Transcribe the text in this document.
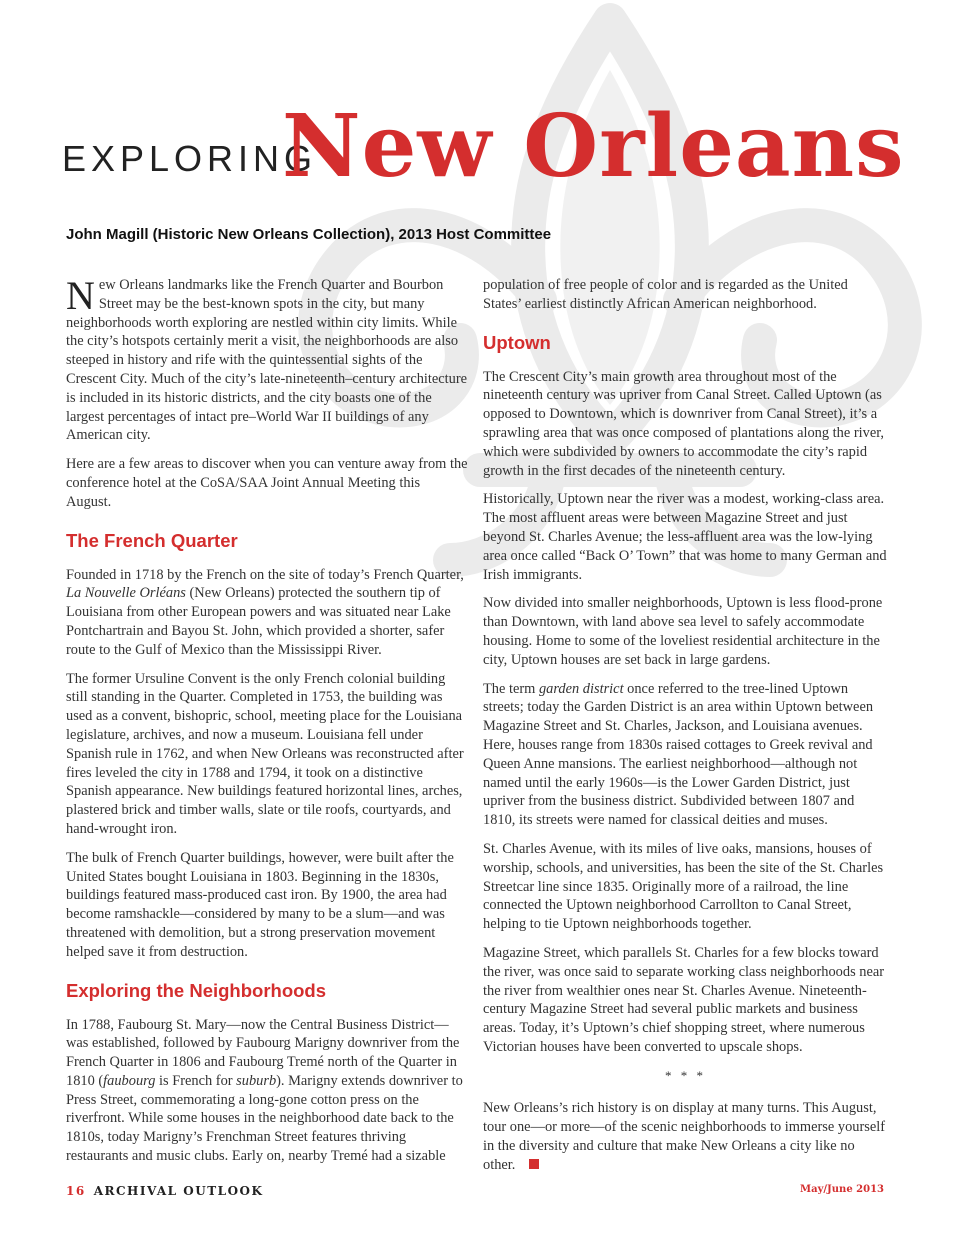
EXPLORING
New Orleans
John Magill (Historic New Orleans Collection), 2013 Host Committee

New Orleans landmarks like the French Quarter and Bourbon Street may be the best-known spots in the city, but many neighborhoods worth exploring are nestled within city limits. While the city’s hotspots certainly merit a visit, the neighborhoods are also steeped in history and rife with the quintessential sights of the Crescent City. Much of the city’s late-nineteenth–century architecture is included in its historic districts, and the city boasts one of the largest percentages of intact pre–World War II buildings of any American city.

Here are a few areas to discover when you can venture away from the conference hotel at the CoSA/SAA Joint Annual Meeting this August.

The French Quarter

Founded in 1718 by the French on the site of today’s French Quarter, La Nouvelle Orléans (New Orleans) protected the southern tip of Louisiana from other European powers and was situated near Lake Pontchartrain and Bayou St. John, which provided a shorter, safer route to the Gulf of Mexico than the Mississippi River.

The former Ursuline Convent is the only French colonial building still standing in the Quarter. Completed in 1753, the building was used as a convent, bishopric, school, meeting place for the Louisiana legislature, archives, and now a museum. Louisiana fell under Spanish rule in 1762, and when New Orleans was reconstructed after fires leveled the city in 1788 and 1794, it took on a distinctive Spanish appearance. New buildings featured horizontal lines, arches, plastered brick and timber walls, slate or tile roofs, courtyards, and hand-wrought iron.

The bulk of French Quarter buildings, however, were built after the United States bought Louisiana in 1803. Beginning in the 1830s, buildings featured mass-produced cast iron. By 1900, the area had become ramshackle—considered by many to be a slum—and was threatened with demolition, but a strong preservation movement helped save it from destruction.

Exploring the Neighborhoods

In 1788, Faubourg St. Mary—now the Central Business District—was established, followed by Faubourg Marigny downriver from the French Quarter in 1806 and Faubourg Tremé north of the Quarter in 1810 (faubourg is French for suburb). Marigny extends downriver to Press Street, commemorating a long-gone cotton press on the riverfront. While some houses in the neighborhood date back to the 1810s, today Marigny’s Frenchman Street features thriving restaurants and music clubs. Early on, nearby Tremé had a sizable

population of free people of color and is regarded as the United States’ earliest distinctly African American neighborhood.

Uptown

The Crescent City’s main growth area throughout most of the nineteenth century was upriver from Canal Street. Called Uptown (as opposed to Downtown, which is downriver from Canal Street), it’s a sprawling area that was once composed of plantations along the river, which were subdivided by owners to accommodate the city’s rapid growth in the first decades of the nineteenth century.

Historically, Uptown near the river was a modest, working-class area. The most affluent areas were between Magazine Street and just beyond St. Charles Avenue; the less-affluent area was the low-lying area once called “Back O’ Town” that was home to many German and Irish immigrants.

Now divided into smaller neighborhoods, Uptown is less flood-prone than Downtown, with land above sea level to safely accommodate housing. Home to some of the loveliest residential architecture in the city, Uptown houses are set back in large gardens.

The term garden district once referred to the tree-lined Uptown streets; today the Garden District is an area within Uptown between Magazine Street and St. Charles, Jackson, and Louisiana avenues. Here, houses range from 1830s raised cottages to Greek revival and Queen Anne mansions. The earliest neighborhood—although not named until the early 1960s—is the Lower Garden District, just upriver from the business district. Subdivided between 1807 and 1810, its streets were named for classical deities and muses.

St. Charles Avenue, with its miles of live oaks, mansions, houses of worship, schools, and universities, has been the site of the St. Charles Streetcar line since 1835. Originally more of a railroad, the line connected the Uptown neighborhood Carrollton to Canal Street, helping to tie Uptown neighborhoods together.

Magazine Street, which parallels St. Charles for a few blocks toward the river, was once said to separate working class neighborhoods near the river from wealthier ones near St. Charles Avenue. Nineteenth-century Magazine Street had several public markets and business areas. Today, it’s Uptown’s chief shopping street, where numerous Victorian houses have been converted to upscale shops.

* * *

New Orleans’s rich history is on display at many turns. This August, tour one—or more—of the scenic neighborhoods to immerse yourself in the diversity and culture that make New Orleans a city like no other.

16 ARCHIVAL OUTLOOK	May/June 2013
